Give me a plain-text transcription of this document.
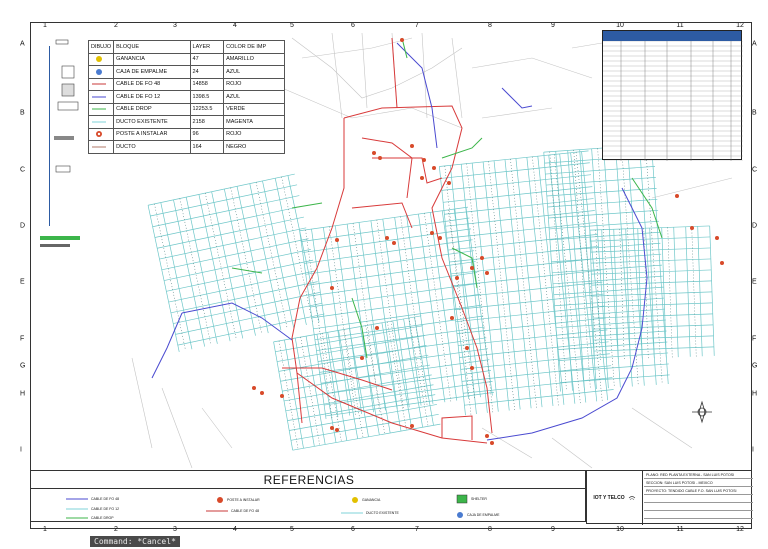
1	2	3	4	5	6	7	8	9	10	11	12
A
B
C
D
E
F
G
H
I
A
B
C
D
E
F
G
H
I
DIBUJO	BLOQUE	LAYER	COLOR DE IMP

	GANANCIA	47	AMARILLO

	CAJA DE EMPALME	24	AZUL

	CABLE DE FO 48	14858	ROJO

	CABLE DE FO 12	1398.5	AZUL

	CABLE DROP	12253.5	VERDE

	DUCTO EXISTENTE	2158	MAGENTA

	POSTE A INSTALAR	96	ROJO

	DUCTO	164	NEGRO
REFERENCIAS
CABLE DE FO 48
CABLE DE FO 12
CABLE DROP
POSTE A INSTALAR
CABLE DE FO 48
GANANCIA
DUCTO EXISTENTE
SHELTER
CAJA DE EMPALME
IOT Y TELCO
PLANO: RED PLANTA EXTERNA - SAN LUIS POTOSI
SECCION: SAN LUIS POTOSI - MEXICO
PROYECTO: TENDIDO CABLE F.O. SAN LUIS POTOSI
1	2	3	4	5	6	7	8	9	10	11	12
Command: *Cancel*
